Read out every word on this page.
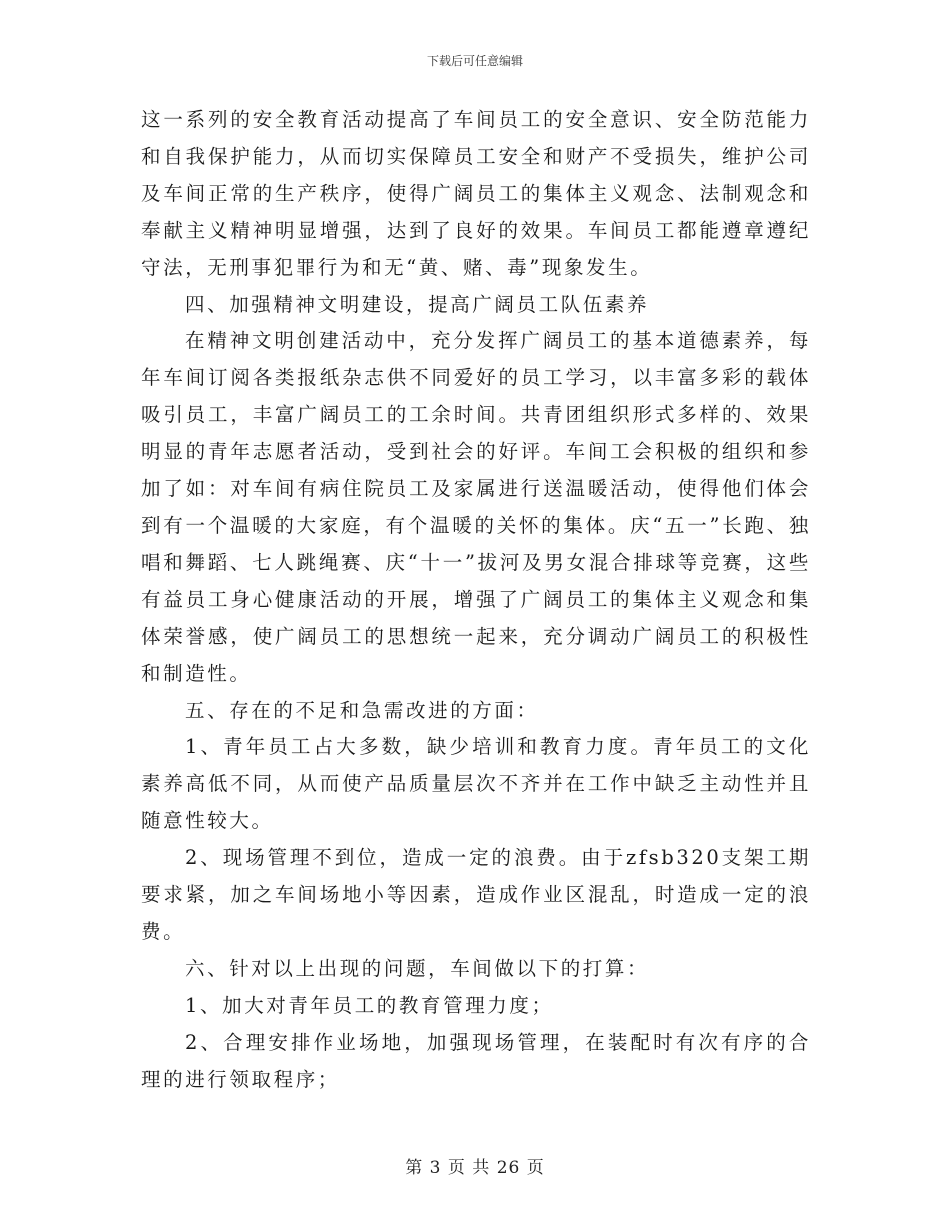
下载后可任意编辑

这一系列的安全教育活动提高了车间员工的安全意识、安全防范能力和自我保护能力，从而切实保障员工安全和财产不受损失，维护公司及车间正常的生产秩序，使得广阔员工的集体主义观念、法制观念和奉献主义精神明显增强，达到了良好的效果。车间员工都能遵章遵纪守法，无刑事犯罪行为和无“黄、赌、毒”现象发生。

四、加强精神文明建设，提高广阔员工队伍素养

在精神文明创建活动中，充分发挥广阔员工的基本道德素养，每年车间订阅各类报纸杂志供不同爱好的员工学习，以丰富多彩的载体吸引员工，丰富广阔员工的工余时间。共青团组织形式多样的、效果明显的青年志愿者活动，受到社会的好评。车间工会积极的组织和参加了如：对车间有病住院员工及家属进行送温暖活动，使得他们体会到有一个温暖的大家庭，有个温暖的关怀的集体。庆“五一”长跑、独唱和舞蹈、七人跳绳赛、庆“十一”拔河及男女混合排球等竞赛，这些有益员工身心健康活动的开展，增强了广阔员工的集体主义观念和集体荣誉感，使广阔员工的思想统一起来，充分调动广阔员工的积极性和制造性。

五、存在的不足和急需改进的方面：

1、青年员工占大多数，缺少培训和教育力度。青年员工的文化素养高低不同，从而使产品质量层次不齐并在工作中缺乏主动性并且随意性较大。

2、现场管理不到位，造成一定的浪费。由于zfsb320支架工期要求紧，加之车间场地小等因素，造成作业区混乱，时造成一定的浪费。

六、针对以上出现的问题，车间做以下的打算：

1、加大对青年员工的教育管理力度；

2、合理安排作业场地，加强现场管理，在装配时有次有序的合理的进行领取程序；

第 3 页 共 26 页
